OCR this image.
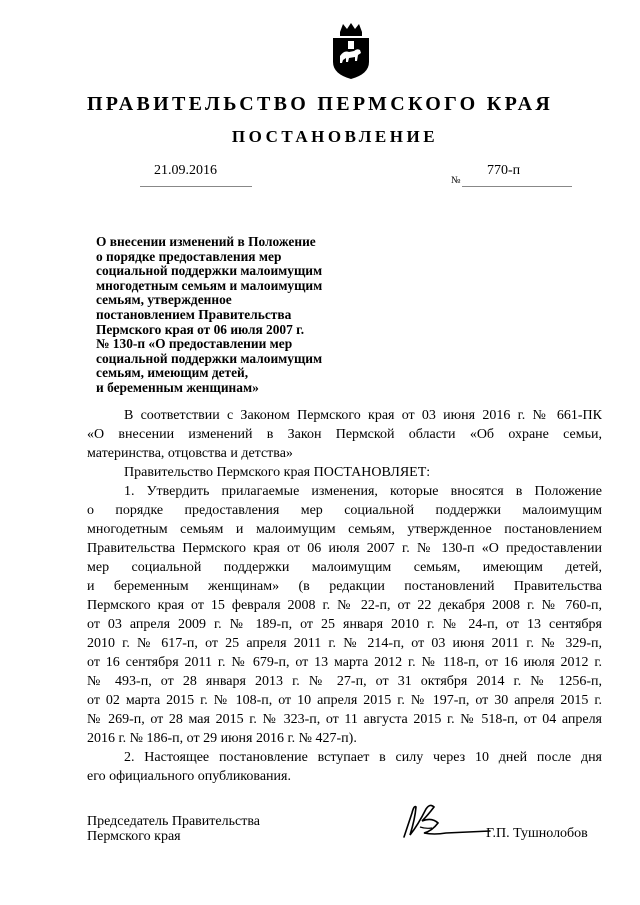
ПРАВИТЕЛЬСТВО ПЕРМСКОГО КРАЯ
ПОСТАНОВЛЕНИЕ
21.09.2016
№
770-п
О внесении изменений в Положение
о порядке предоставления мер
социальной поддержки малоимущим
многодетным семьям и малоимущим
семьям, утвержденное
постановлением Правительства
Пермского края от 06 июля 2007 г.
№ 130-п «О предоставлении мер
социальной поддержки малоимущим
семьям, имеющим детей,
и беременным женщинам»
В соответствии с Законом Пермского края от 03 июня 2016 г. № 661-ПК
«О внесении изменений в Закон Пермской области «Об охране семьи,
материнства, отцовства и детства»
Правительство Пермского края ПОСТАНОВЛЯЕТ:
1. Утвердить прилагаемые изменения, которые вносятся в Положение
о порядке предоставления мер социальной поддержки малоимущим
многодетным семьям и малоимущим семьям, утвержденное постановлением
Правительства Пермского края от 06 июля 2007 г. № 130-п «О предоставлении
мер социальной поддержки малоимущим семьям, имеющим детей,
и беременным женщинам» (в редакции постановлений Правительства
Пермского края от 15 февраля 2008 г. № 22-п, от 22 декабря 2008 г. № 760-п,
от 03 апреля 2009 г. № 189-п, от 25 января 2010 г. № 24-п, от 13 сентября
2010 г. № 617-п, от 25 апреля 2011 г. № 214-п, от 03 июня 2011 г. № 329-п,
от 16 сентября 2011 г. № 679-п, от 13 марта 2012 г. № 118-п, от 16 июля 2012 г.
№ 493-п, от 28 января 2013 г. № 27-п, от 31 октября 2014 г. № 1256-п,
от 02 марта 2015 г. № 108-п, от 10 апреля 2015 г. № 197-п, от 30 апреля 2015 г.
№ 269-п, от 28 мая 2015 г. № 323-п, от 11 августа 2015 г. № 518-п, от 04 апреля
2016 г. № 186-п, от 29 июня 2016 г. № 427-п).
2. Настоящее постановление вступает в силу через 10 дней после дня
его официального опубликования.
Председатель Правительства
Пермского края	Г.П. Тушнолобов
